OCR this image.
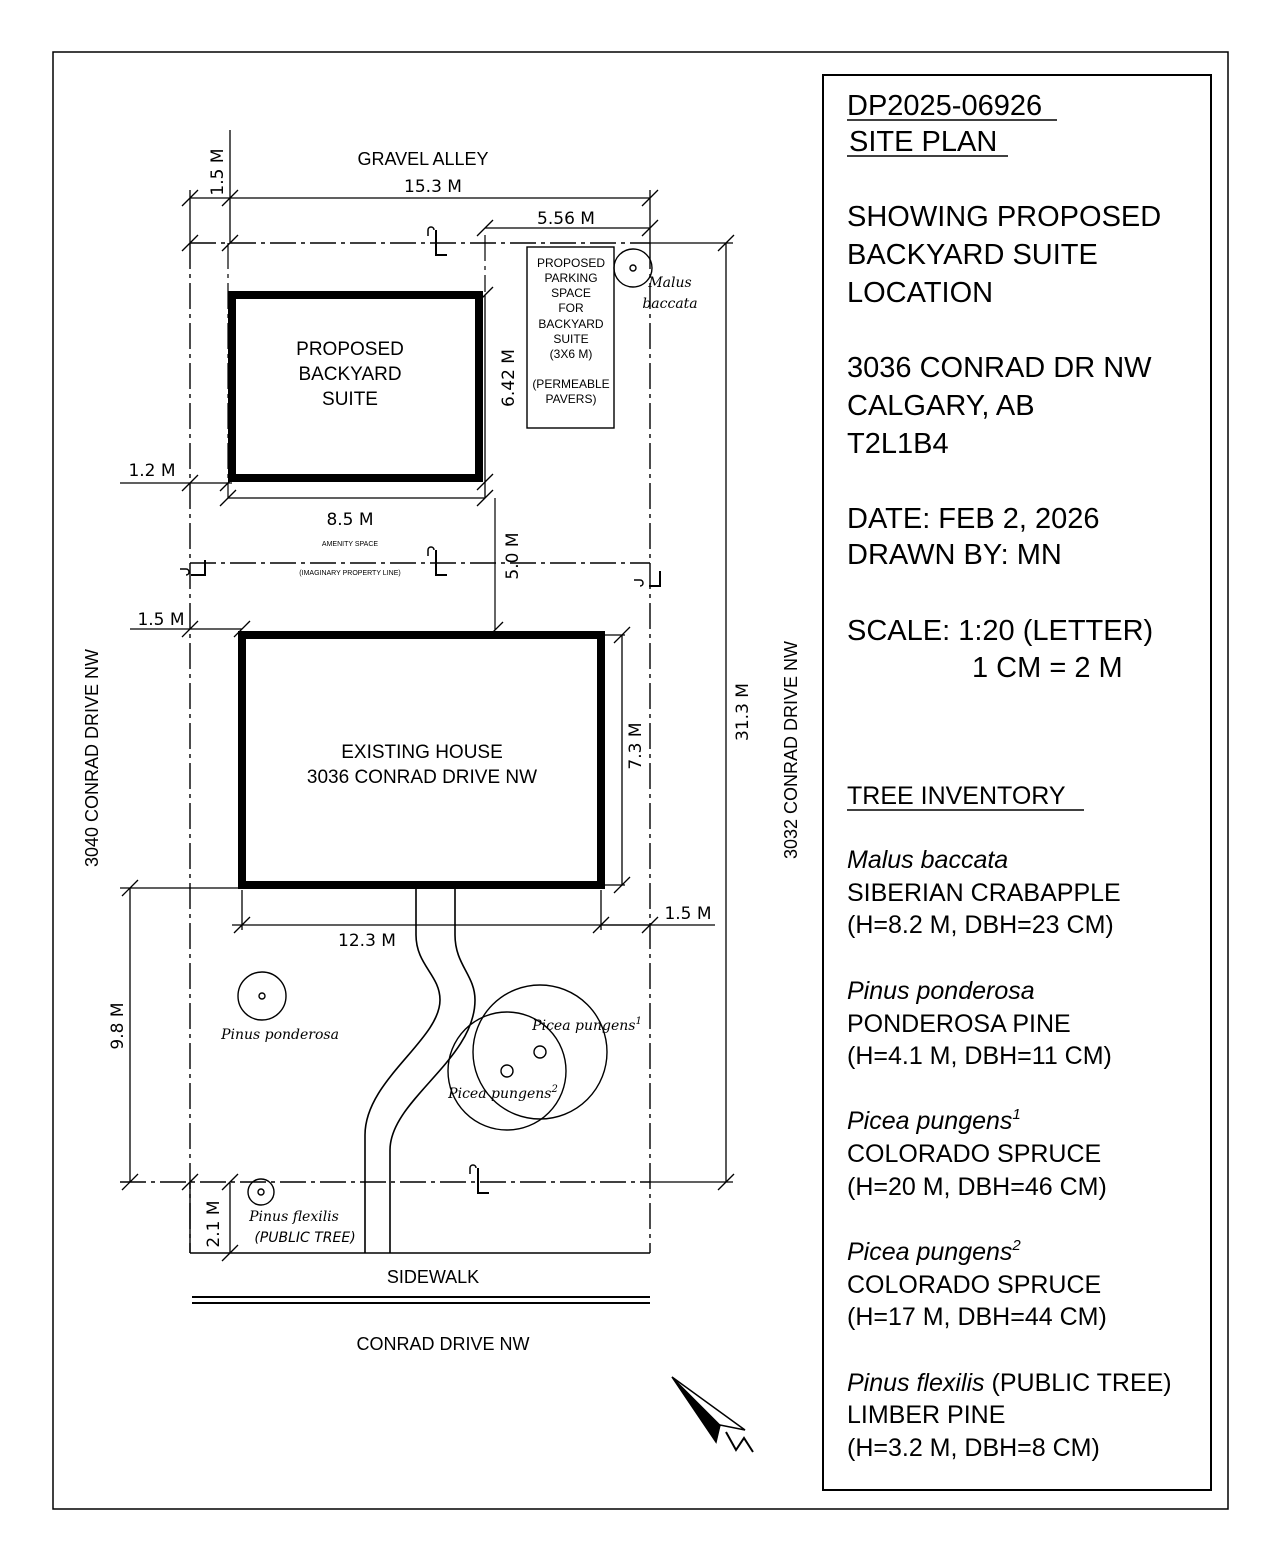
GRAVEL ALLEY
SIDEWALK
CONRAD DRIVE NW
3040 CONRAD DRIVE NW	3032 CONRAD DRIVE NW
PROPOSED
BACKYARD
SUITE
EXISTING HOUSE
3036 CONRAD DRIVE NW
PROPOSED
PARKING
SPACE
FOR
BACKYARD
SUITE
(3X6 M)
(PERMEABLE
PAVERS)
AMENITY SPACE
(IMAGINARY PROPERTY LINE)
1.5 M	15.3 M
5.56 M
6.42 M
1.2 M
8.5 M
5.0 M
1.5 M
7.3 M
31.3 M
12.3 M
1.5 M
9.8 M
2.1 M
Malus
baccata
Pinus ponderosa
Picea pungens$^1$
Picea pungens$^2$
Pinus flexilis
(PUBLIC TREE)
DP2025-06926
SITE PLAN
SHOWING PROPOSED
BACKYARD SUITE
LOCATION
3036 CONRAD DR NW
CALGARY, AB
T2L1B4
DATE: FEB 2, 2026
DRAWN BY: MN
SCALE: 1:20 (LETTER)
1 CM = 2 M
TREE INVENTORY
Malus baccata
SIBERIAN CRABAPPLE
(H=8.2 M, DBH=23 CM)
Pinus ponderosa
PONDEROSA PINE
(H=4.1 M, DBH=11 CM)
Picea pungens$^1$
COLORADO SPRUCE
(H=20 M, DBH=46 CM)
Picea pungens$^2$
COLORADO SPRUCE
(H=17 M, DBH=44 CM)
Pinus flexilis (PUBLIC TREE)
LIMBER PINE
(H=3.2 M, DBH=8 CM)
